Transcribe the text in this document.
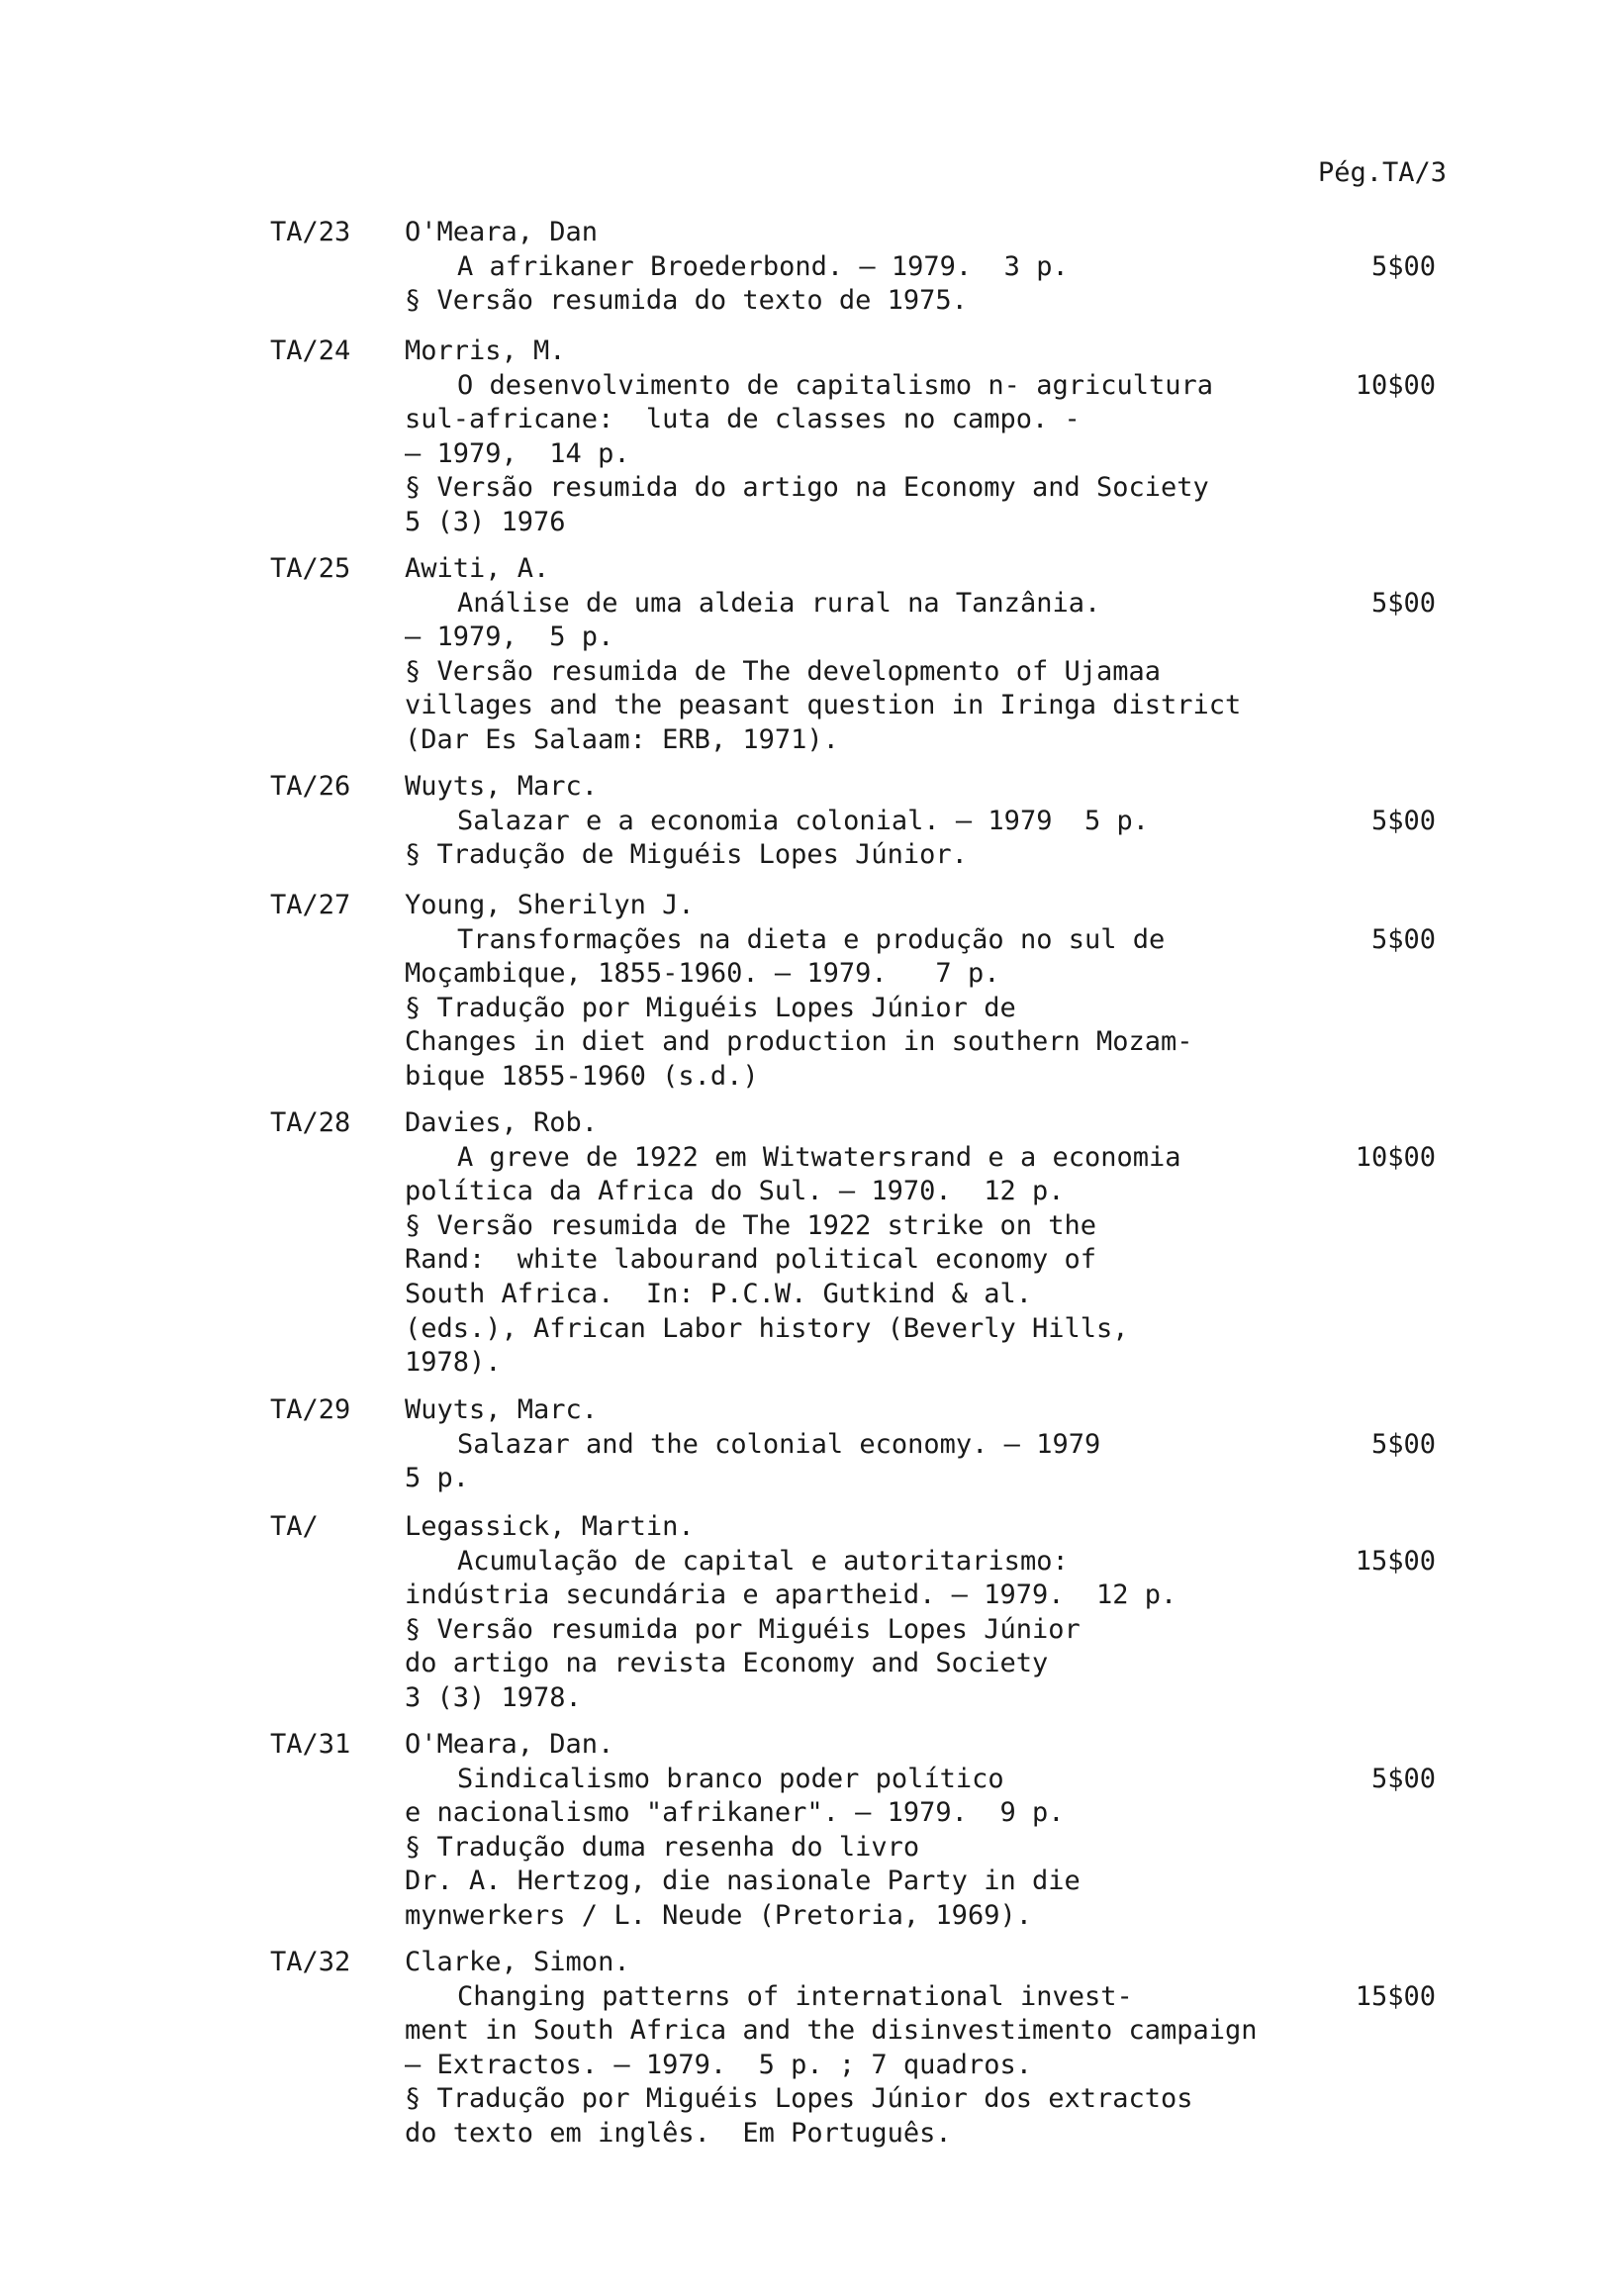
Pég.TA/3
TA/23
5$00
O'Meara, Dan
A afrikaner Broederbond. — 1979.  3 p.
§ Versão resumida do texto de 1975.
TA/24
10$00
Morris, M.
O desenvolvimento de capitalismo n- agricultura
sul-africane:  luta de classes no campo. -
— 1979,  14 p.
§ Versão resumida do artigo na Economy and Society
5 (3) 1976
TA/25
5$00
Awiti, A.
Análise de uma aldeia rural na Tanzânia.
— 1979,  5 p.
§ Versão resumida de The developmento of Ujamaa
villages and the peasant question in Iringa district
(Dar Es Salaam: ERB, 1971).
TA/26
5$00
Wuyts, Marc.
Salazar e a economia colonial. — 1979  5 p.
§ Tradução de Miguéis Lopes Júnior.
TA/27
5$00
Young, Sherilyn J.
Transformações na dieta e produção no sul de
Moçambique, 1855-1960. — 1979.   7 p.
§ Tradução por Miguéis Lopes Júnior de
Changes in diet and production in southern Mozam-
bique 1855-1960 (s.d.)
TA/28
10$00
Davies, Rob.
A greve de 1922 em Witwatersrand e a economia
política da Africa do Sul. — 1970.  12 p.
§ Versão resumida de The 1922 strike on the
Rand:  white labourand political economy of
South Africa.  In: P.C.W. Gutkind & al.
(eds.), African Labor history (Beverly Hills,
1978).
TA/29
5$00
Wuyts, Marc.
Salazar and the colonial economy. — 1979
5 p.
TA/
15$00
Legassick, Martin.
Acumulação de capital e autoritarismo:
indústria secundária e apartheid. — 1979.  12 p.
§ Versão resumida por Miguéis Lopes Júnior
do artigo na revista Economy and Society
3 (3) 1978.
TA/31
5$00
O'Meara, Dan.
Sindicalismo branco poder político
e nacionalismo "afrikaner". — 1979.  9 p.
§ Tradução duma resenha do livro
Dr. A. Hertzog, die nasionale Party in die
mynwerkers / L. Neude (Pretoria, 1969).
TA/32
15$00
Clarke, Simon.
Changing patterns of international invest-
ment in South Africa and the disinvestimento campaign
— Extractos. — 1979.  5 p. ; 7 quadros.
§ Tradução por Miguéis Lopes Júnior dos extractos
do texto em inglês.  Em Português.
